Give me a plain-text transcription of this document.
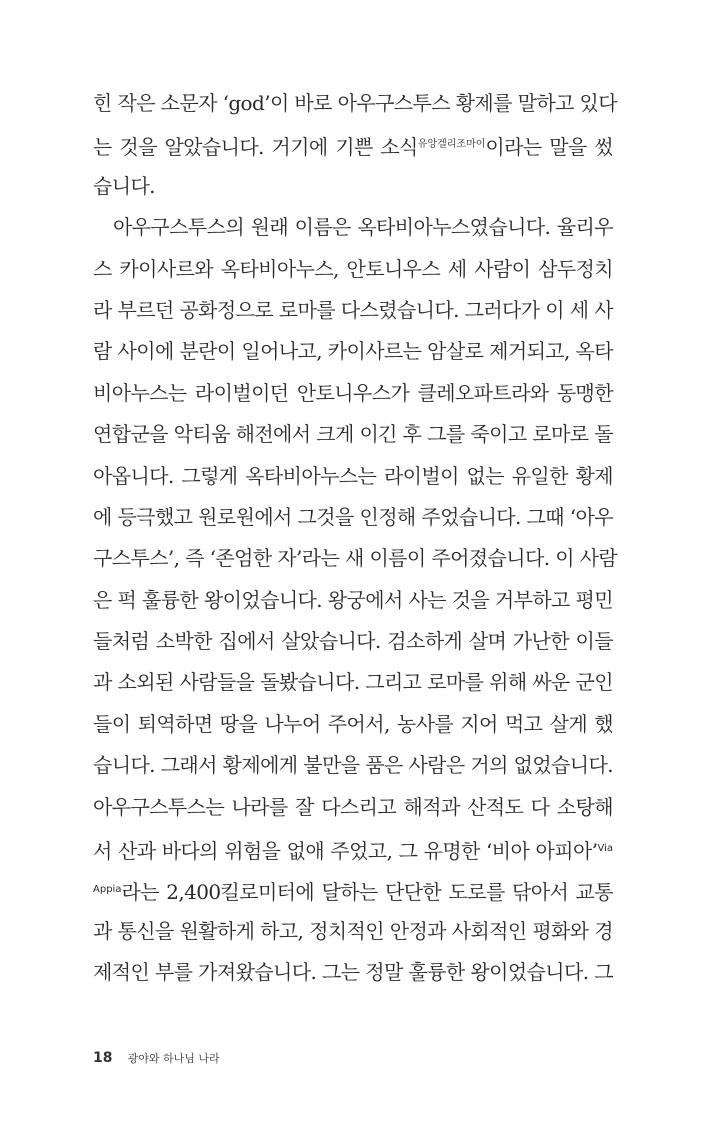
힌 작은 소문자 ‘god’이 바로 아우구스투스 황제를 말하고 있다
는 것을 알았습니다. 거기에 기쁜 소식$^{유앙겔리조마이}$이라는 말을 썼
습니다.
아우구스투스의 원래 이름은 옥타비아누스였습니다. 율리우
스 카이사르와 옥타비아누스, 안토니우스 세 사람이 삼두정치
라 부르던 공화정으로 로마를 다스렸습니다. 그러다가 이 세 사
람 사이에 분란이 일어나고, 카이사르는 암살로 제거되고, 옥타
비아누스는 라이벌이던 안토니우스가 클레오파트라와 동맹한
연합군을 악티움 해전에서 크게 이긴 후 그를 죽이고 로마로 돌
아옵니다. 그렇게 옥타비아누스는 라이벌이 없는 유일한 황제
에 등극했고 원로원에서 그것을 인정해 주었습니다. 그때 ‘아우
구스투스’, 즉 ‘존엄한 자’라는 새 이름이 주어졌습니다. 이 사람
은 퍽 훌륭한 왕이었습니다. 왕궁에서 사는 것을 거부하고 평민
들처럼 소박한 집에서 살았습니다. 검소하게 살며 가난한 이들
과 소외된 사람들을 돌봤습니다. 그리고 로마를 위해 싸운 군인
들이 퇴역하면 땅을 나누어 주어서, 농사를 지어 먹고 살게 했
습니다. 그래서 황제에게 불만을 품은 사람은 거의 없었습니다.
아우구스투스는 나라를 잘 다스리고 해적과 산적도 다 소탕해
서 산과 바다의 위험을 없애 주었고, 그 유명한 ‘비아 아피아’$^{Via}$
$^{Appia}$라는 2,400킬로미터에 달하는 단단한 도로를 닦아서 교통
과 통신을 원활하게 하고, 정치적인 안정과 사회적인 평화와 경
제적인 부를 가져왔습니다. 그는 정말 훌륭한 왕이었습니다. 그
18 광야와 하나님 나라
